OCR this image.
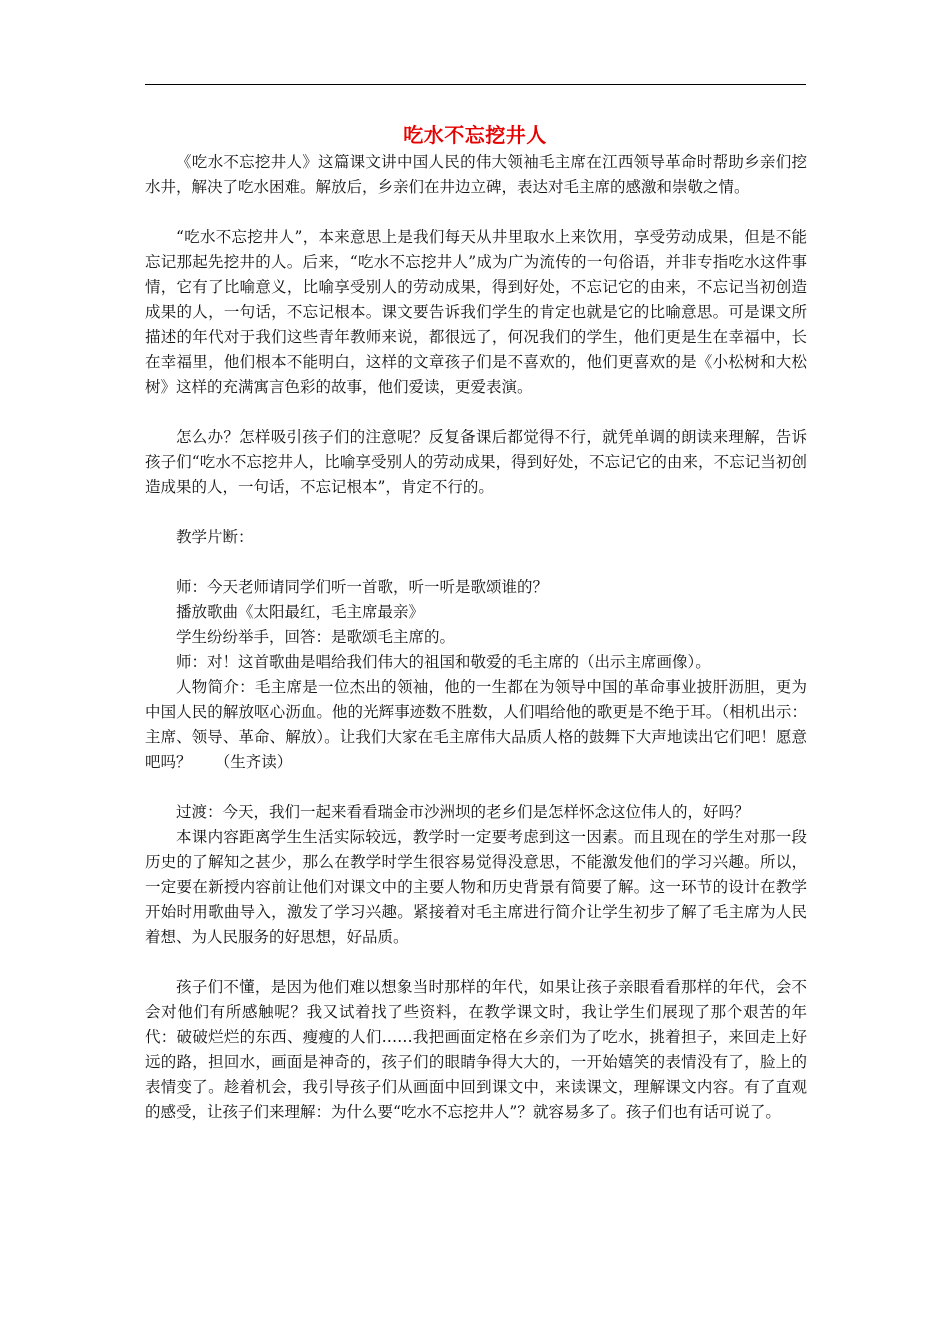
吃水不忘挖井人

《吃水不忘挖井人》这篇课文讲中国人民的伟大领袖毛主席在江西领导革命时帮助乡亲们挖水井，解决了吃水困难。解放后，乡亲们在井边立碑，表达对毛主席的感激和崇敬之情。

“吃水不忘挖井人”，本来意思上是我们每天从井里取水上来饮用，享受劳动成果，但是不能忘记那起先挖井的人。后来，“吃水不忘挖井人”成为广为流传的一句俗语，并非专指吃水这件事情，它有了比喻意义，比喻享受别人的劳动成果，得到好处，不忘记它的由来，不忘记当初创造成果的人，一句话，不忘记根本。课文要告诉我们学生的肯定也就是它的比喻意思。可是课文所描述的年代对于我们这些青年教师来说，都很远了，何况我们的学生，他们更是生在幸福中，长在幸福里，他们根本不能明白，这样的文章孩子们是不喜欢的，他们更喜欢的是《小松树和大松树》这样的充满寓言色彩的故事，他们爱读，更爱表演。

怎么办？怎样吸引孩子们的注意呢？反复备课后都觉得不行，就凭单调的朗读来理解，告诉孩子们“吃水不忘挖井人，比喻享受别人的劳动成果，得到好处，不忘记它的由来，不忘记当初创造成果的人，一句话，不忘记根本”，肯定不行的。

教学片断：

师：今天老师请同学们听一首歌，听一听是歌颂谁的？

播放歌曲《太阳最红，毛主席最亲》

学生纷纷举手，回答：是歌颂毛主席的。

师：对！这首歌曲是唱给我们伟大的祖国和敬爱的毛主席的（出示主席画像）。

人物简介：毛主席是一位杰出的领袖，他的一生都在为领导中国的革命事业披肝沥胆，更为中国人民的解放呕心沥血。他的光辉事迹数不胜数，人们唱给他的歌更是不绝于耳。（相机出示：主席、领导、革命、解放）。让我们大家在毛主席伟大品质人格的鼓舞下大声地读出它们吧！愿意吧吗？　　（生齐读）

过渡：今天，我们一起来看看瑞金市沙洲坝的老乡们是怎样怀念这位伟人的，好吗？

本课内容距离学生生活实际较远，教学时一定要考虑到这一因素。而且现在的学生对那一段历史的了解知之甚少，那么在教学时学生很容易觉得没意思，不能激发他们的学习兴趣。所以，一定要在新授内容前让他们对课文中的主要人物和历史背景有简要了解。这一环节的设计在教学开始时用歌曲导入，激发了学习兴趣。紧接着对毛主席进行简介让学生初步了解了毛主席为人民着想、为人民服务的好思想，好品质。

孩子们不懂，是因为他们难以想象当时那样的年代，如果让孩子亲眼看看那样的年代，会不会对他们有所感触呢？我又试着找了些资料，在教学课文时，我让学生们展现了那个艰苦的年代：破破烂烂的东西、瘦瘦的人们……我把画面定格在乡亲们为了吃水，挑着担子，来回走上好远的路，担回水，画面是神奇的，孩子们的眼睛争得大大的，一开始嬉笑的表情没有了，脸上的表情变了。趁着机会，我引导孩子们从画面中回到课文中，来读课文，理解课文内容。有了直观的感受，让孩子们来理解：为什么要“吃水不忘挖井人”？就容易多了。孩子们也有话可说了。
